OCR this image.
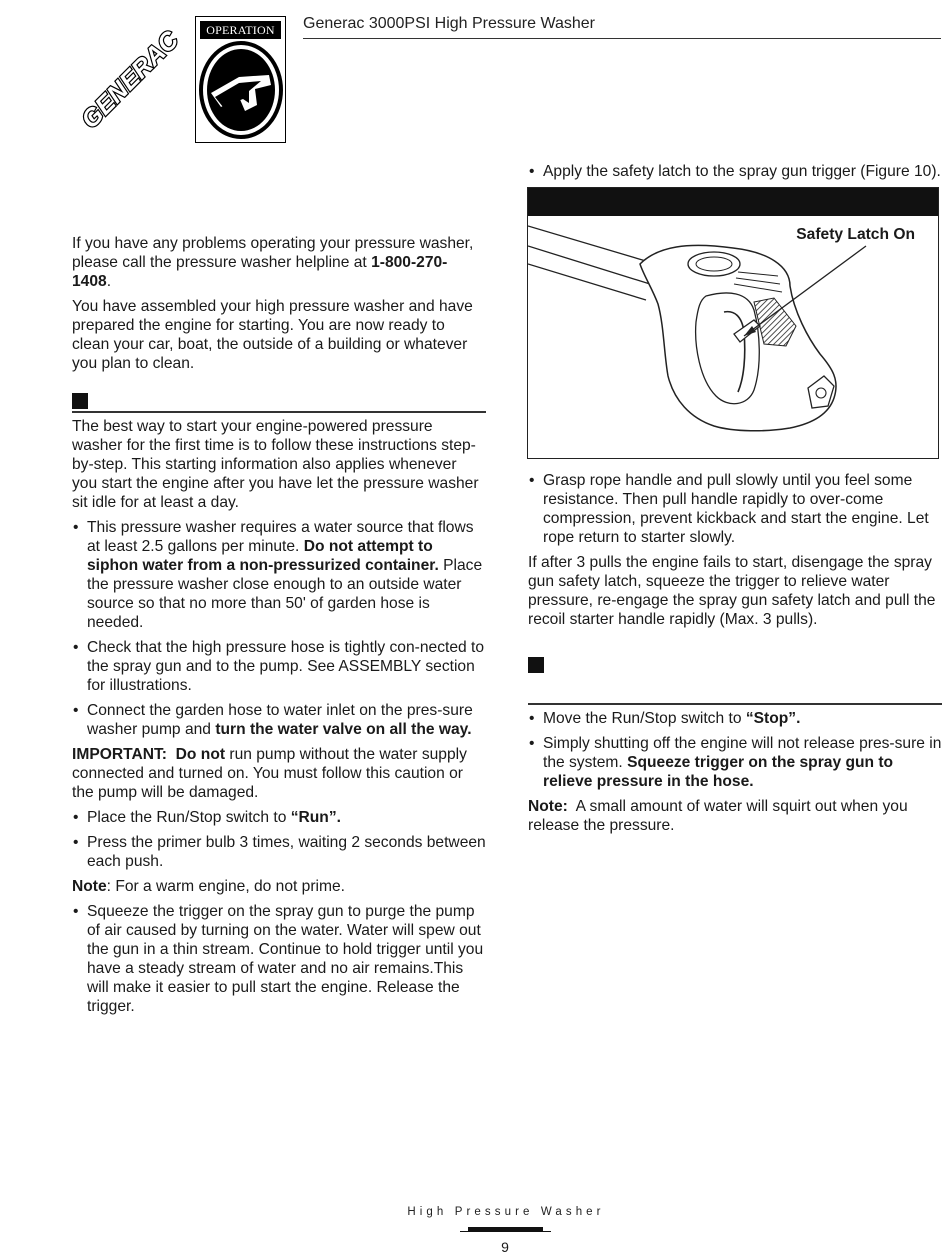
GENERAC	OPERATION	Generac 3000PSI High Pressure Washer

If you have any problems operating your pressure washer, please call the pressure washer helpline at 1-800-270-1408.

You have assembled your high pressure washer and have prepared the engine for starting. You are now ready to clean your car, boat, the outside of a building or whatever you plan to clean.

The best way to start your engine-powered pressure washer for the first time is to follow these instructions step-by-step. This starting information also applies whenever you start the engine after you have let the pressure washer sit idle for at least a day.

• This pressure washer requires a water source that flows at least 2.5 gallons per minute. Do not attempt to siphon water from a non-pressurized container. Place the pressure washer close enough to an outside water source so that no more than 50' of garden hose is needed.
• Check that the high pressure hose is tightly con-nected to the spray gun and to the pump. See ASSEMBLY section for illustrations.
• Connect the garden hose to water inlet on the pres-sure washer pump and turn the water valve on all the way.

IMPORTANT: Do not run pump without the water supply connected and turned on. You must follow this caution or the pump will be damaged.

• Place the Run/Stop switch to “Run”.
• Press the primer bulb 3 times, waiting 2 seconds between each push.

Note: For a warm engine, do not prime.

• Squeeze the trigger on the spray gun to purge the pump of air caused by turning on the water. Water will spew out the gun in a thin stream. Continue to hold trigger until you have a steady stream of water and no air remains.This will make it easier to pull start the engine. Release the trigger.
• Apply the safety latch to the spray gun trigger (Figure 10).
Safety Latch On
• Grasp rope handle and pull slowly until you feel some resistance. Then pull handle rapidly to over-come compression, prevent kickback and start the engine. Let rope return to starter slowly.

If after 3 pulls the engine fails to start, disengage the spray gun safety latch, squeeze the trigger to relieve water pressure, re-engage the spray gun safety latch and pull the recoil starter handle rapidly (Max. 3 pulls).

• Move the Run/Stop switch to “Stop”.
• Simply shutting off the engine will not release pres-sure in the system. Squeeze trigger on the spray gun to relieve pressure in the hose.

Note: A small amount of water will squirt out when you release the pressure.

High Pressure Washer
9
